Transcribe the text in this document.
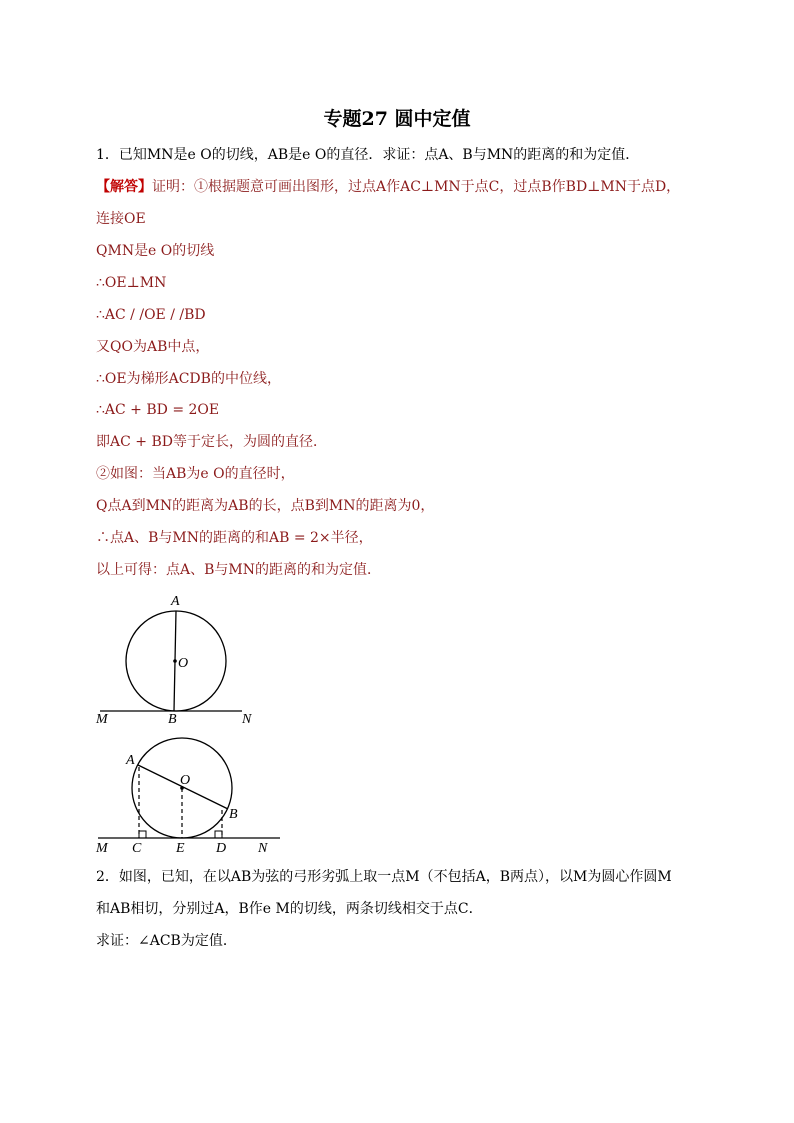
专题27 圆中定值
1．已知MN是e O的切线，AB是e O的直径．求证：点A、B与MN的距离的和为定值．
【解答】证明：①根据题意可画出图形，过点A作AC⊥MN于点C，过点B作BD⊥MN于点D，
连接OE
QMN是e O的切线
∴OE⊥MN
∴AC / /OE / /BD
又QO为AB中点，
∴OE为梯形ACDB的中位线，
∴AC + BD = 2OE
即AC + BD等于定长，为圆的直径．
②如图：当AB为e O的直径时，
Q点A到MN的距离为AB的长，点B到MN的距离为0，
∴点A、B与MN的距离的和AB = 2×半径，
以上可得：点A、B与MN的距离的和为定值．
A
O
B
M	N
A
O
B
M C E D N
2．如图，已知，在以AB为弦的弓形劣弧上取一点M（不包括A，B两点），以M为圆心作圆M
和AB相切，分别过A，B作e M的切线，两条切线相交于点C．
求证：∠ACB为定值．
